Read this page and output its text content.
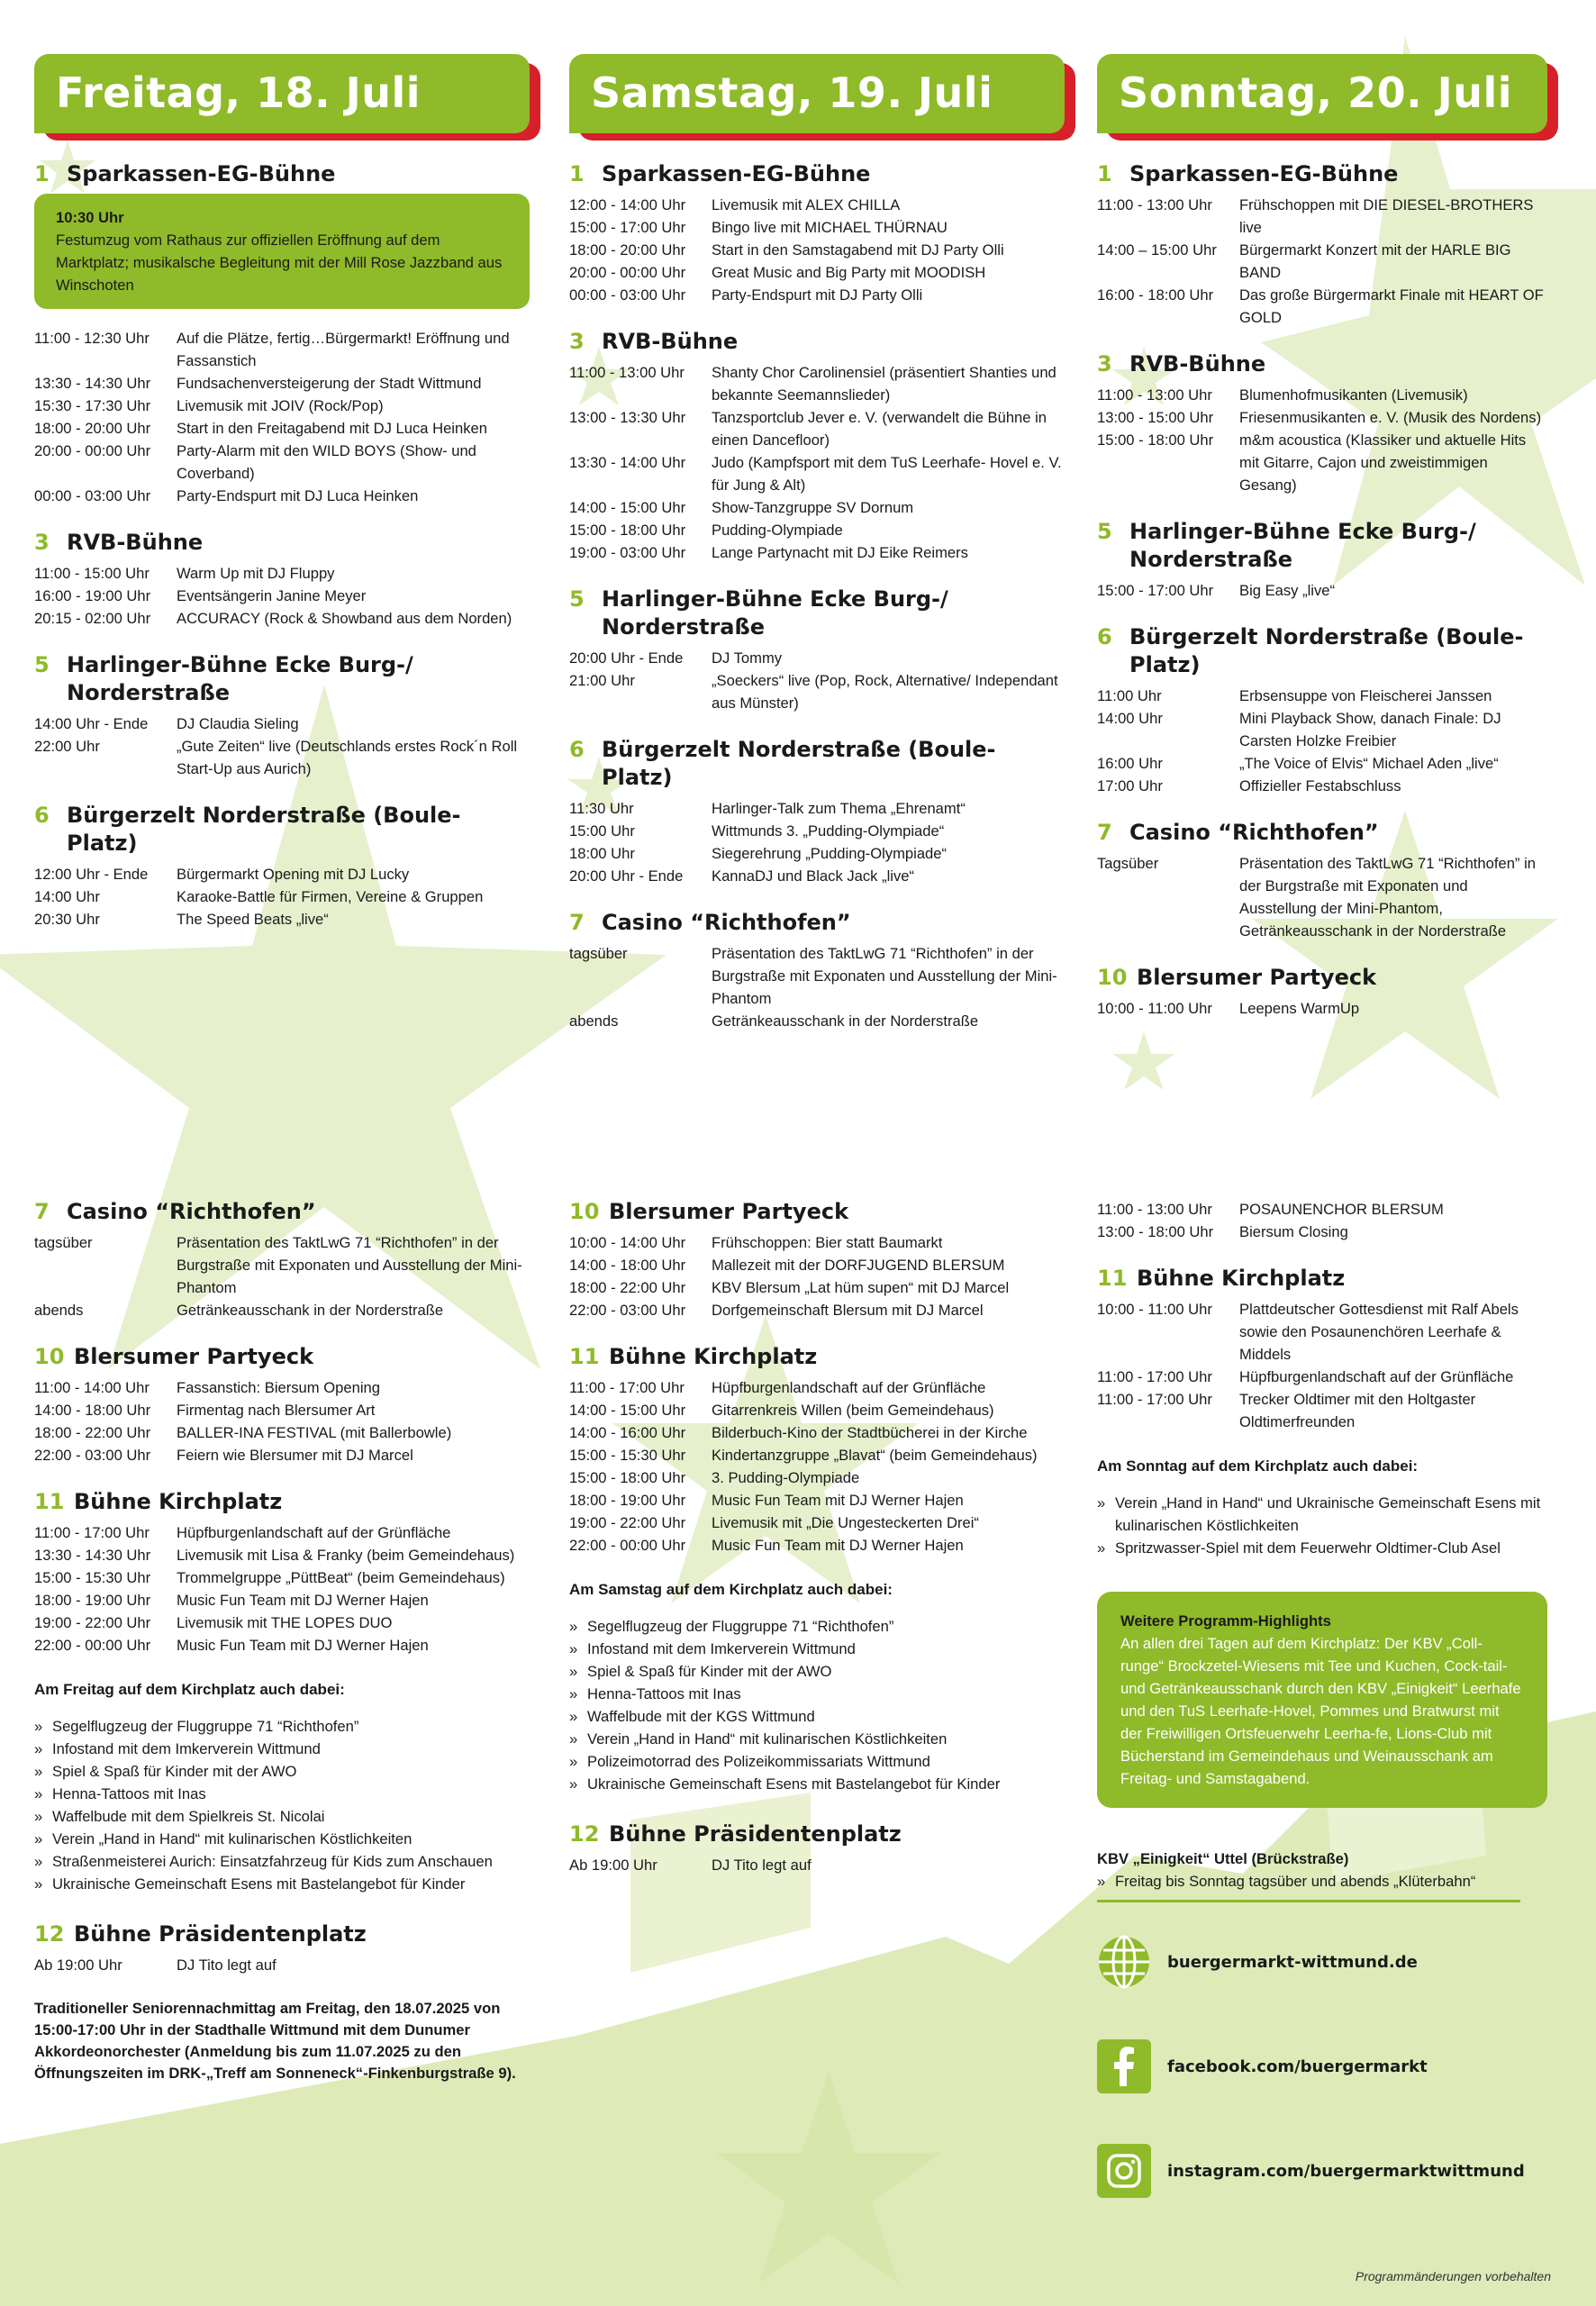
Freitag, 18. Juli
1 Sparkassen-EG-Bühne
10:30 Uhr
Festumzug vom Rathaus zur offiziellen Eröffnung auf dem Marktplatz; musikalsche Begleitung mit der Mill Rose Jazzband aus Winschoten
11:00 - 12:30 Uhr	Auf die Plätze, fertig…Bürgermarkt! Eröffnung und Fassanstich
13:30 - 14:30 Uhr	Fundsachenversteigerung der Stadt Wittmund
15:30 - 17:30 Uhr	Livemusik mit JOIV (Rock/Pop)
18:00 - 20:00 Uhr	Start in den Freitagabend mit DJ Luca Heinken
20:00 - 00:00 Uhr	Party-Alarm mit den WILD BOYS (Show- und Coverband)
00:00 - 03:00 Uhr	Party-Endspurt mit DJ Luca Heinken
3 RVB-Bühne
11:00 - 15:00 Uhr	Warm Up mit DJ Fluppy
16:00 - 19:00 Uhr	Eventsängerin Janine Meyer
20:15 - 02:00 Uhr	ACCURACY (Rock & Showband aus dem Norden)
5 Harlinger-Bühne Ecke Burg-/ Norderstraße
14:00 Uhr - Ende	DJ Claudia Sieling
22:00 Uhr	„Gute Zeiten“ live (Deutschlands erstes Rock´n Roll Start-Up aus Aurich)
6 Bürgerzelt Norderstraße (Boule-Platz)
12:00 Uhr - Ende	Bürgermarkt Opening mit DJ Lucky
14:00 Uhr	Karaoke-Battle für Firmen, Vereine & Gruppen
20:30 Uhr	The Speed Beats „live“
7 Casino “Richthofen”
tagsüber	Präsentation des TaktLwG 71 “Richthofen” in der Burgstraße mit Exponaten und Ausstellung der Mini-Phantom
abends	Getränkeausschank in der Norderstraße
10 Blersumer Partyeck
11:00 - 14:00 Uhr	Fassanstich: Biersum Opening
14:00 - 18:00 Uhr	Firmentag nach Blersumer Art
18:00 - 22:00 Uhr	BALLER-INA FESTIVAL (mit Ballerbowle)
22:00 - 03:00 Uhr	Feiern wie Blersumer mit DJ Marcel
11 Bühne Kirchplatz
11:00 - 17:00 Uhr	Hüpfburgenlandschaft auf der Grünfläche
13:30 - 14:30 Uhr	Livemusik mit Lisa & Franky (beim Gemeindehaus)
15:00 - 15:30 Uhr	Trommelgruppe „PüttBeat“ (beim Gemeindehaus)
18:00 - 19:00 Uhr	Music Fun Team mit DJ Werner Hajen
19:00 - 22:00 Uhr	Livemusik mit THE LOPES DUO
22:00 - 00:00 Uhr	Music Fun Team mit DJ Werner Hajen
Am Freitag auf dem Kirchplatz auch dabei:
» Segelflugzeug der Fluggruppe 71 “Richthofen”
» Infostand mit dem Imkerverein Wittmund
» Spiel & Spaß für Kinder mit der AWO
» Henna-Tattoos mit Inas
» Waffelbude mit dem Spielkreis St. Nicolai
» Verein „Hand in Hand“ mit kulinarischen Köstlichkeiten
» Straßenmeisterei Aurich: Einsatzfahrzeug für Kids zum Anschauen
» Ukrainische Gemeinschaft Esens mit Bastelangebot für Kinder
12 Bühne Präsidentenplatz
Ab 19:00 Uhr	DJ Tito legt auf
Traditioneller Seniorennachmittag am Freitag, den 18.07.2025 von 15:00-17:00 Uhr in der Stadthalle Wittmund mit dem Dunumer Akkordeonorchester (Anmeldung bis zum 11.07.2025 zu den Öffnungszeiten im DRK-„Treff am Sonneneck“-Finkenburgstraße 9).
Samstag, 19. Juli
1 Sparkassen-EG-Bühne
12:00 - 14:00 Uhr	Livemusik mit ALEX CHILLA
15:00 - 17:00 Uhr	Bingo live mit MICHAEL THÜRNAU
18:00 - 20:00 Uhr	Start in den Samstagabend mit DJ Party Olli
20:00 - 00:00 Uhr	Great Music and Big Party mit MOODISH
00:00 - 03:00 Uhr	Party-Endspurt mit DJ Party Olli
3 RVB-Bühne
11:00 - 13:00 Uhr	Shanty Chor Carolinensiel (präsentiert Shanties und bekannte Seemannslieder)
13:00 - 13:30 Uhr	Tanzsportclub Jever e. V. (verwandelt die Bühne in einen Dancefloor)
13:30 - 14:00 Uhr	Judo (Kampfsport mit dem TuS Leerhafe- Hovel e. V. für Jung & Alt)
14:00 - 15:00 Uhr	Show-Tanzgruppe SV Dornum
15:00 - 18:00 Uhr	Pudding-Olympiade
19:00 - 03:00 Uhr	Lange Partynacht mit DJ Eike Reimers
5 Harlinger-Bühne Ecke Burg-/ Norderstraße
20:00 Uhr - Ende	DJ Tommy
21:00 Uhr	„Soeckers“ live (Pop, Rock, Alternative/ Independant aus Münster)
6 Bürgerzelt Norderstraße (Boule-Platz)
11:30 Uhr	Harlinger-Talk zum Thema „Ehrenamt“
15:00 Uhr	Wittmunds 3. „Pudding-Olympiade“
18:00 Uhr	Siegerehrung „Pudding-Olympiade“
20:00 Uhr - Ende	KannaDJ und Black Jack „live“
7 Casino “Richthofen”
tagsüber	Präsentation des TaktLwG 71 “Richthofen” in der Burgstraße mit Exponaten und Ausstellung der Mini-Phantom
abends	Getränkeausschank in der Norderstraße
10 Blersumer Partyeck
10:00 - 14:00 Uhr	Frühschoppen: Bier statt Baumarkt
14:00 - 18:00 Uhr	Mallezeit mit der DORFJUGEND BLERSUM
18:00 - 22:00 Uhr	KBV Blersum „Lat hüm supen“ mit DJ Marcel
22:00 - 03:00 Uhr	Dorfgemeinschaft Blersum mit DJ Marcel
11 Bühne Kirchplatz
11:00 - 17:00 Uhr	Hüpfburgenlandschaft auf der Grünfläche
14:00 - 15:00 Uhr	Gitarrenkreis Willen (beim Gemeindehaus)
14:00 - 16:00 Uhr	Bilderbuch-Kino der Stadtbücherei in der Kirche
15:00 - 15:30 Uhr	Kindertanzgruppe „Blavat“ (beim Gemeindehaus)
15:00 - 18:00 Uhr	3. Pudding-Olympiade
18:00 - 19:00 Uhr	Music Fun Team mit DJ Werner Hajen
19:00 - 22:00 Uhr	Livemusik mit „Die Ungesteckerten Drei“
22:00 - 00:00 Uhr	Music Fun Team mit DJ Werner Hajen
Am Samstag auf dem Kirchplatz auch dabei:
» Segelflugzeug der Fluggruppe 71 “Richthofen”
» Infostand mit dem Imkerverein Wittmund
» Spiel & Spaß für Kinder mit der AWO
» Henna-Tattoos mit Inas
» Waffelbude mit der KGS Wittmund
» Verein „Hand in Hand“ mit kulinarischen Köstlichkeiten
» Polizeimotorrad des Polizeikommissariats Wittmund
» Ukrainische Gemeinschaft Esens mit Bastelangebot für Kinder
12 Bühne Präsidentenplatz
Ab 19:00 Uhr	DJ Tito legt auf
Sonntag, 20. Juli
1 Sparkassen-EG-Bühne
11:00 - 13:00 Uhr	Frühschoppen mit DIE DIESEL-BROTHERS live
14:00 – 15:00 Uhr	Bürgermarkt Konzert mit der HARLE BIG BAND
16:00 - 18:00 Uhr	Das große Bürgermarkt Finale mit HEART OF GOLD
3 RVB-Bühne
11:00 - 13:00 Uhr	Blumenhofmusikanten (Livemusik)
13:00 - 15:00 Uhr	Friesenmusikanten e. V. (Musik des Nordens)
15:00 - 18:00 Uhr	m&m acoustica (Klassiker und aktuelle Hits mit Gitarre, Cajon und zweistimmigen Gesang)
5 Harlinger-Bühne Ecke Burg-/ Norderstraße
15:00 - 17:00 Uhr	Big Easy „live“
6 Bürgerzelt Norderstraße (Boule-Platz)
11:00 Uhr	Erbsensuppe von Fleischerei Janssen
14:00 Uhr	Mini Playback Show, danach Finale: DJ Carsten Holzke Freibier
16:00 Uhr	„The Voice of Elvis“ Michael Aden „live“
17:00 Uhr	Offizieller Festabschluss
7 Casino “Richthofen”
Tagsüber	Präsentation des TaktLwG 71 “Richthofen” in der Burgstraße mit Exponaten und Ausstellung der Mini-Phantom, Getränkeausschank in der Norderstraße
10 Blersumer Partyeck
10:00 - 11:00 Uhr	Leepens WarmUp
11:00 - 13:00 Uhr	POSAUNENCHOR BLERSUM
13:00 - 18:00 Uhr	Biersum Closing
11 Bühne Kirchplatz
10:00 - 11:00 Uhr	Plattdeutscher Gottesdienst mit Ralf Abels sowie den Posaunenchören Leerhafe & Middels
11:00 - 17:00 Uhr	Hüpfburgenlandschaft auf der Grünfläche
11:00 - 17:00 Uhr	Trecker Oldtimer mit den Holtgaster Oldtimerfreunden
Am Sonntag auf dem Kirchplatz auch dabei:
» Verein „Hand in Hand“ und Ukrainische Gemeinschaft Esens mit kulinarischen Köstlichkeiten
» Spritzwasser-Spiel mit dem Feuerwehr Oldtimer-Club Asel
Weitere Programm-Highlights
An allen drei Tagen auf dem Kirchplatz: Der KBV „Coll-runge“ Brockzetel-Wiesens mit Tee und Kuchen, Cock-tail- und Getränkeausschank durch den KBV „Einigkeit“ Leerhafe und den TuS Leerhafe-Hovel, Pommes und Bratwurst mit der Freiwilligen Ortsfeuerwehr Leerha-fe, Lions-Club mit Bücherstand im Gemeindehaus und Weinausschank am Freitag- und Samstagabend.
KBV „Einigkeit“ Uttel (Brückstraße)
» Freitag bis Sonntag tagsüber und abends „Klüterbahn“
buergermarkt-wittmund.de
facebook.com/buergermarkt
instagram.com/buergermarktwittmund
Programmänderungen vorbehalten
